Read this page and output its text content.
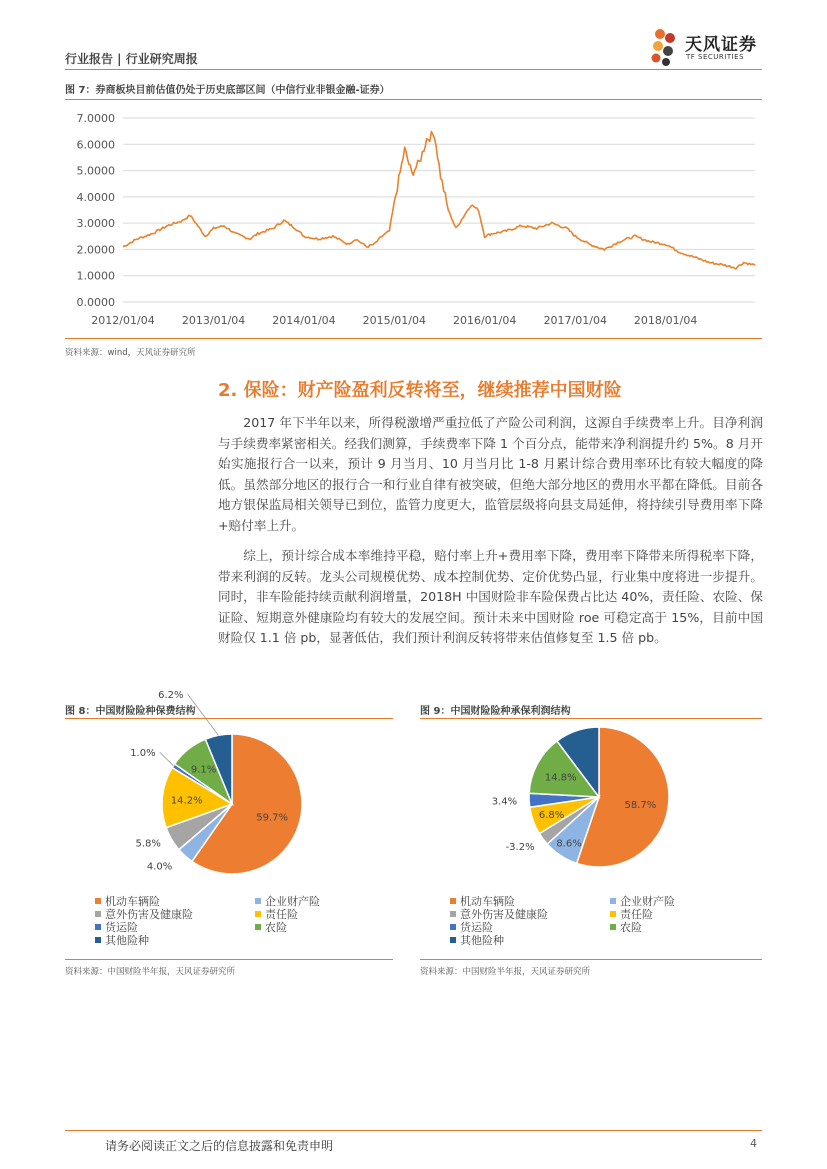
行业报告 | 行业研究周报
天风证券
TF SECURITIES
图 7：券商板块目前估值仍处于历史底部区间（中信行业非银金融-证券）
7.0000
6.0000
5.0000
4.0000
3.0000
2.0000
1.0000
0.0000
2012/01/04 2013/01/04 2014/01/04 2015/01/04 2016/01/04 2017/01/04 2018/01/04
资料来源：wind，天风证券研究所
2. 保险：财产险盈利反转将至，继续推荐中国财险

2017 年下半年以来，所得税激增严重拉低了产险公司利润，这源自手续费率上升。目净利润与手续费率紧密相关。经我们测算，手续费率下降 1 个百分点，能带来净利润提升约 5%。8 月开始实施报行合一以来，预计 9 月当月、10 月当月比 1-8 月累计综合费用率环比有较大幅度的降低。虽然部分地区的报行合一和行业自律有被突破，但绝大部分地区的费用水平都在降低。目前各地方银保监局相关领导已到位，监管力度更大，监管层级将向县支局延伸，将持续引导费用率下降+赔付率上升。

综上，预计综合成本率维持平稳，赔付率上升+费用率下降，费用率下降带来所得税率下降，带来利润的反转。龙头公司规模优势、成本控制优势、定价优势凸显，行业集中度将进一步提升。同时，非车险能持续贡献利润增量，2018H 中国财险非车险保费占比达 40%，责任险、农险、保证险、短期意外健康险均有较大的发展空间。预计未来中国财险 roe 可稳定高于 15%，目前中国财险仅 1.1 倍 pb，显著低估，我们预计利润反转将带来估值修复至 1.5 倍 pb。

图 8：中国财险险种保费结构
59.7%
4.0%
5.8%
14.2%
1.0%
9.1%
6.2%
机动车辆险	企业财产险
意外伤害及健康险	责任险
货运险	农险
其他险种
资料来源：中国财险半年报，天风证券研究所
图 9：中国财险险种承保利润结构
58.7%
8.6%
-3.2%
6.8%
3.4%
14.8%
机动车辆险	企业财产险
意外伤害及健康险	责任险
货运险	农险
其他险种
资料来源：中国财险半年报，天风证券研究所
请务必阅读正文之后的信息披露和免责申明	4
